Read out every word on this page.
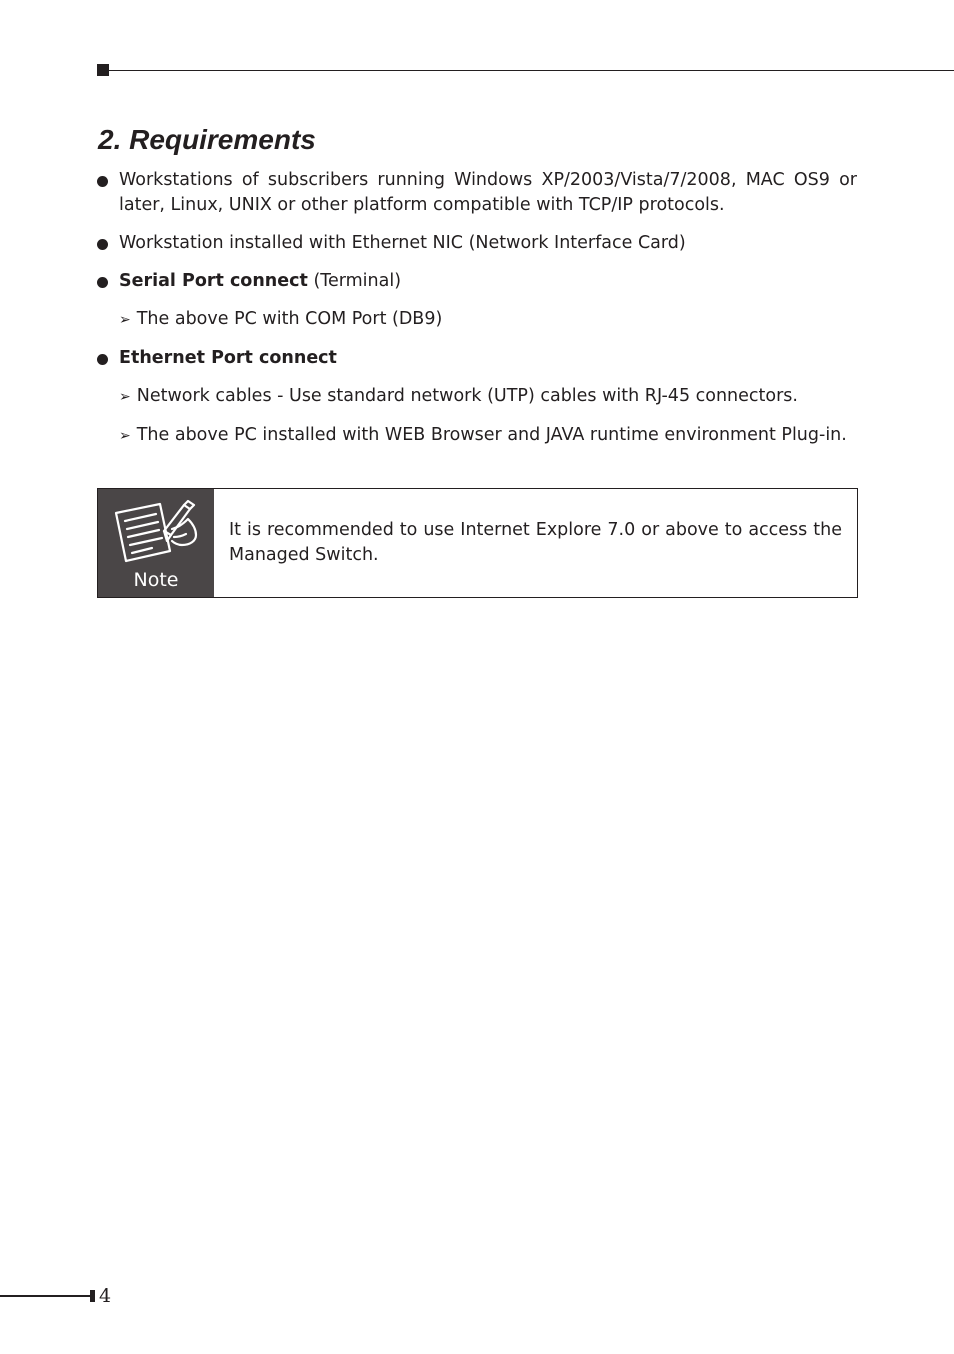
2. Requirements
Workstations of subscribers running Windows XP/2003/Vista/7/2008, MAC OS9 or later, Linux, UNIX or other platform compatible with TCP/IP protocols.
Workstation installed with Ethernet NIC (Network Interface Card)
Serial Port connect (Terminal)
➢ The above PC with COM Port (DB9)
Ethernet Port connect
➢ Network cables - Use standard network (UTP) cables with RJ-45 connectors.
➢ The above PC installed with WEB Browser and JAVA runtime environment Plug-in.
Note
It is recommended to use Internet Explore 7.0 or above to access the Managed Switch.
4
